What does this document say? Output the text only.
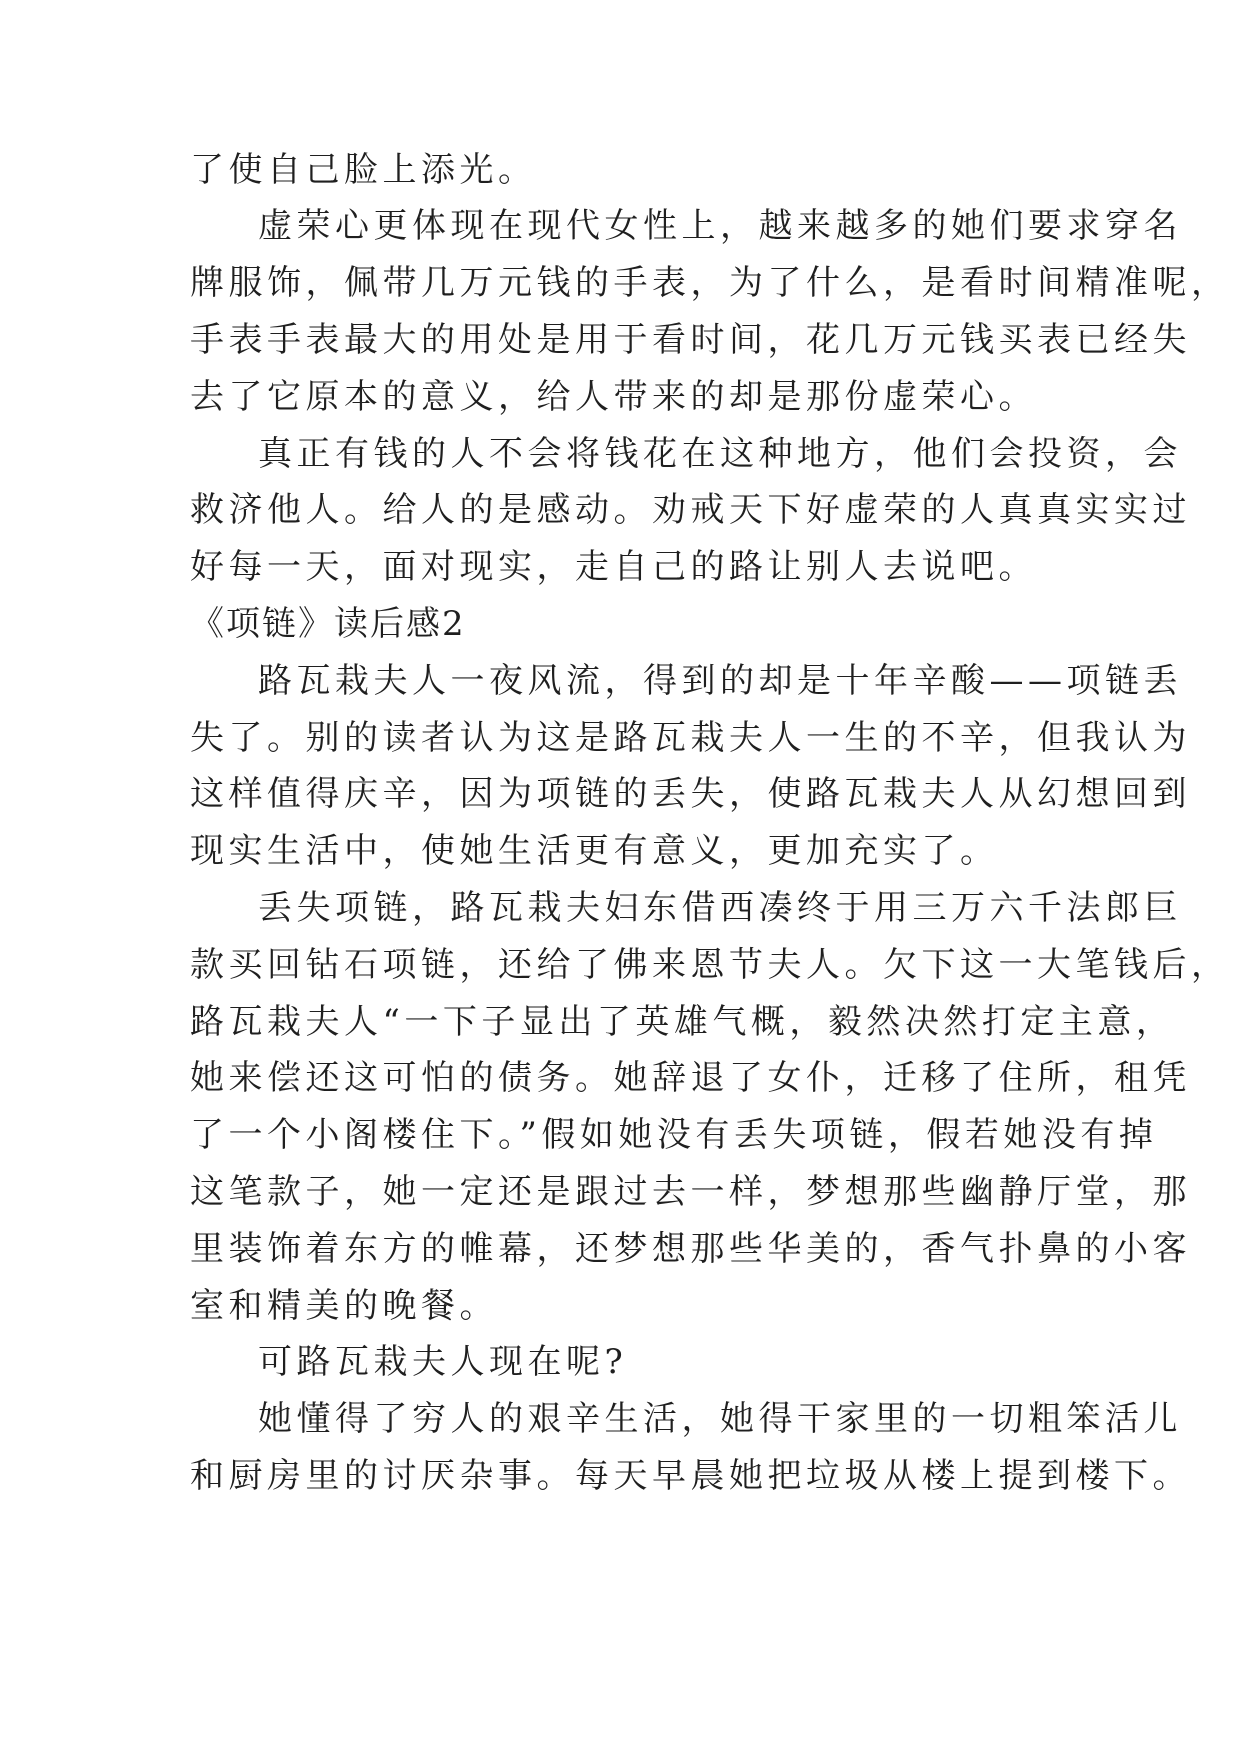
了使自己脸上添光。
虚荣心更体现在现代女性上，越来越多的她们要求穿名
牌服饰，佩带几万元钱的手表，为了什么，是看时间精准呢，
手表手表最大的用处是用于看时间，花几万元钱买表已经失
去了它原本的意义，给人带来的却是那份虚荣心。
真正有钱的人不会将钱花在这种地方，他们会投资，会
救济他人。给人的是感动。劝戒天下好虚荣的人真真实实过
好每一天，面对现实，走自己的路让别人去说吧。
《项链》读后感2
路瓦栽夫人一夜风流，得到的却是十年辛酸——项链丢
失了。别的读者认为这是路瓦栽夫人一生的不辛，但我认为
这样值得庆辛，因为项链的丢失，使路瓦栽夫人从幻想回到
现实生活中，使她生活更有意义，更加充实了。
丢失项链，路瓦栽夫妇东借西凑终于用三万六千法郎巨
款买回钻石项链，还给了佛来恩节夫人。欠下这一大笔钱后，
路瓦栽夫人“一下子显出了英雄气概，毅然决然打定主意，
她来偿还这可怕的债务。她辞退了女仆，迁移了住所，租凭
了一个小阁楼住下。”假如她没有丢失项链，假若她没有掉
这笔款子，她一定还是跟过去一样，梦想那些幽静厅堂，那
里装饰着东方的帷幕，还梦想那些华美的，香气扑鼻的小客
室和精美的晚餐。
可路瓦栽夫人现在呢?
她懂得了穷人的艰辛生活，她得干家里的一切粗笨活儿
和厨房里的讨厌杂事。每天早晨她把垃圾从楼上提到楼下。
